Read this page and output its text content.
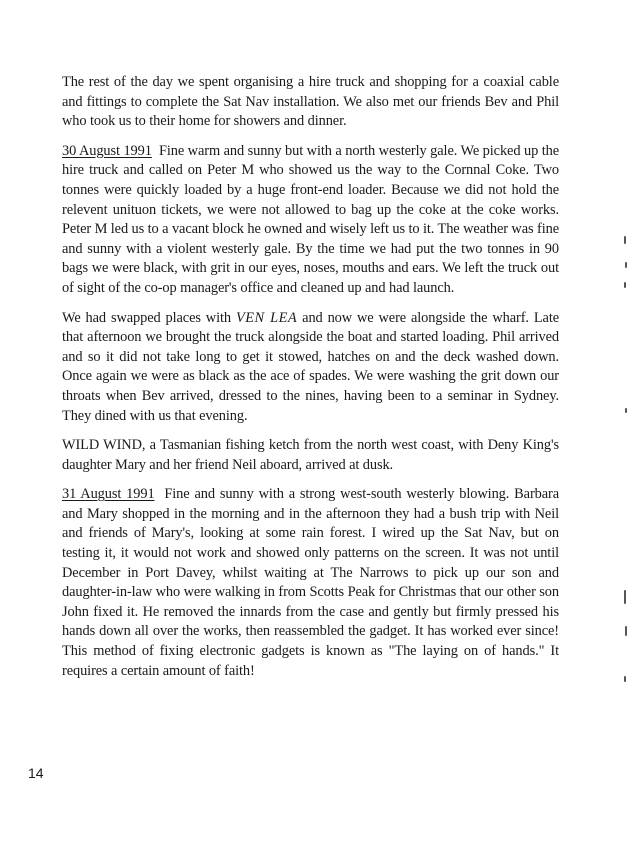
The rest of the day we spent organising a hire truck and shopping for a coaxial cable and fittings to complete the Sat Nav installation. We also met our friends Bev and Phil who took us to their home for showers and dinner.

30 August 1991 Fine warm and sunny but with a north westerly gale. We picked up the hire truck and called on Peter M who showed us the way to the Cornnal Coke. Two tonnes were quickly loaded by a huge front-end loader. Because we did not hold the relevent unituon tickets, we were not allowed to bag up the coke at the coke works. Peter M led us to a vacant block he owned and wisely left us to it. The weather was fine and sunny with a violent westerly gale. By the time we had put the two tonnes in 90 bags we were black, with grit in our eyes, noses, mouths and ears. We left the truck out of sight of the co-op manager's office and cleaned up and had launch.

We had swapped places with VEN LEA and now we were alongside the wharf. Late that afternoon we brought the truck alongside the boat and started loading. Phil arrived and so it did not take long to get it stowed, hatches on and the deck washed down. Once again we were as black as the ace of spades. We were washing the grit down our throats when Bev arrived, dressed to the nines, having been to a seminar in Sydney. They dined with us that evening.

WILD WIND, a Tasmanian fishing ketch from the north west coast, with Deny King's daughter Mary and her friend Neil aboard, arrived at dusk.

31 August 1991 Fine and sunny with a strong west-south westerly blowing. Barbara and Mary shopped in the morning and in the afternoon they had a bush trip with Neil and friends of Mary's, looking at some rain forest. I wired up the Sat Nav, but on testing it, it would not work and showed only patterns on the screen. It was not until December in Port Davey, whilst waiting at The Narrows to pick up our son and daughter-in-law who were walking in from Scotts Peak for Christmas that our other son John fixed it. He removed the innards from the case and gently but firmly pressed his hands down all over the works, then reassembled the gadget. It has worked ever since! This method of fixing electronic gadgets is known as "The laying on of hands." It requires a certain amount of faith!

14
